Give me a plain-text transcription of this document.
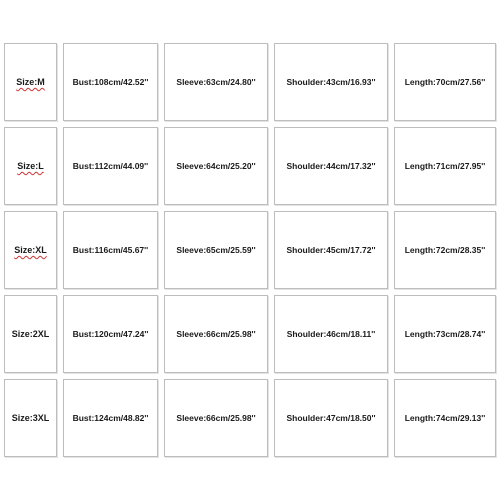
Size:M	Bust:108cm/42.52''	Sleeve:63cm/24.80''	Shoulder:43cm/16.93''	Length:70cm/27.56''
Size:L	Bust:112cm/44.09''	Sleeve:64cm/25.20''	Shoulder:44cm/17.32''	Length:71cm/27.95''
Size:XL	Bust:116cm/45.67''	Sleeve:65cm/25.59''	Shoulder:45cm/17.72''	Length:72cm/28.35''
Size:2XL	Bust:120cm/47.24''	Sleeve:66cm/25.98''	Shoulder:46cm/18.11''	Length:73cm/28.74''
Size:3XL	Bust:124cm/48.82''	Sleeve:66cm/25.98''	Shoulder:47cm/18.50''	Length:74cm/29.13''
